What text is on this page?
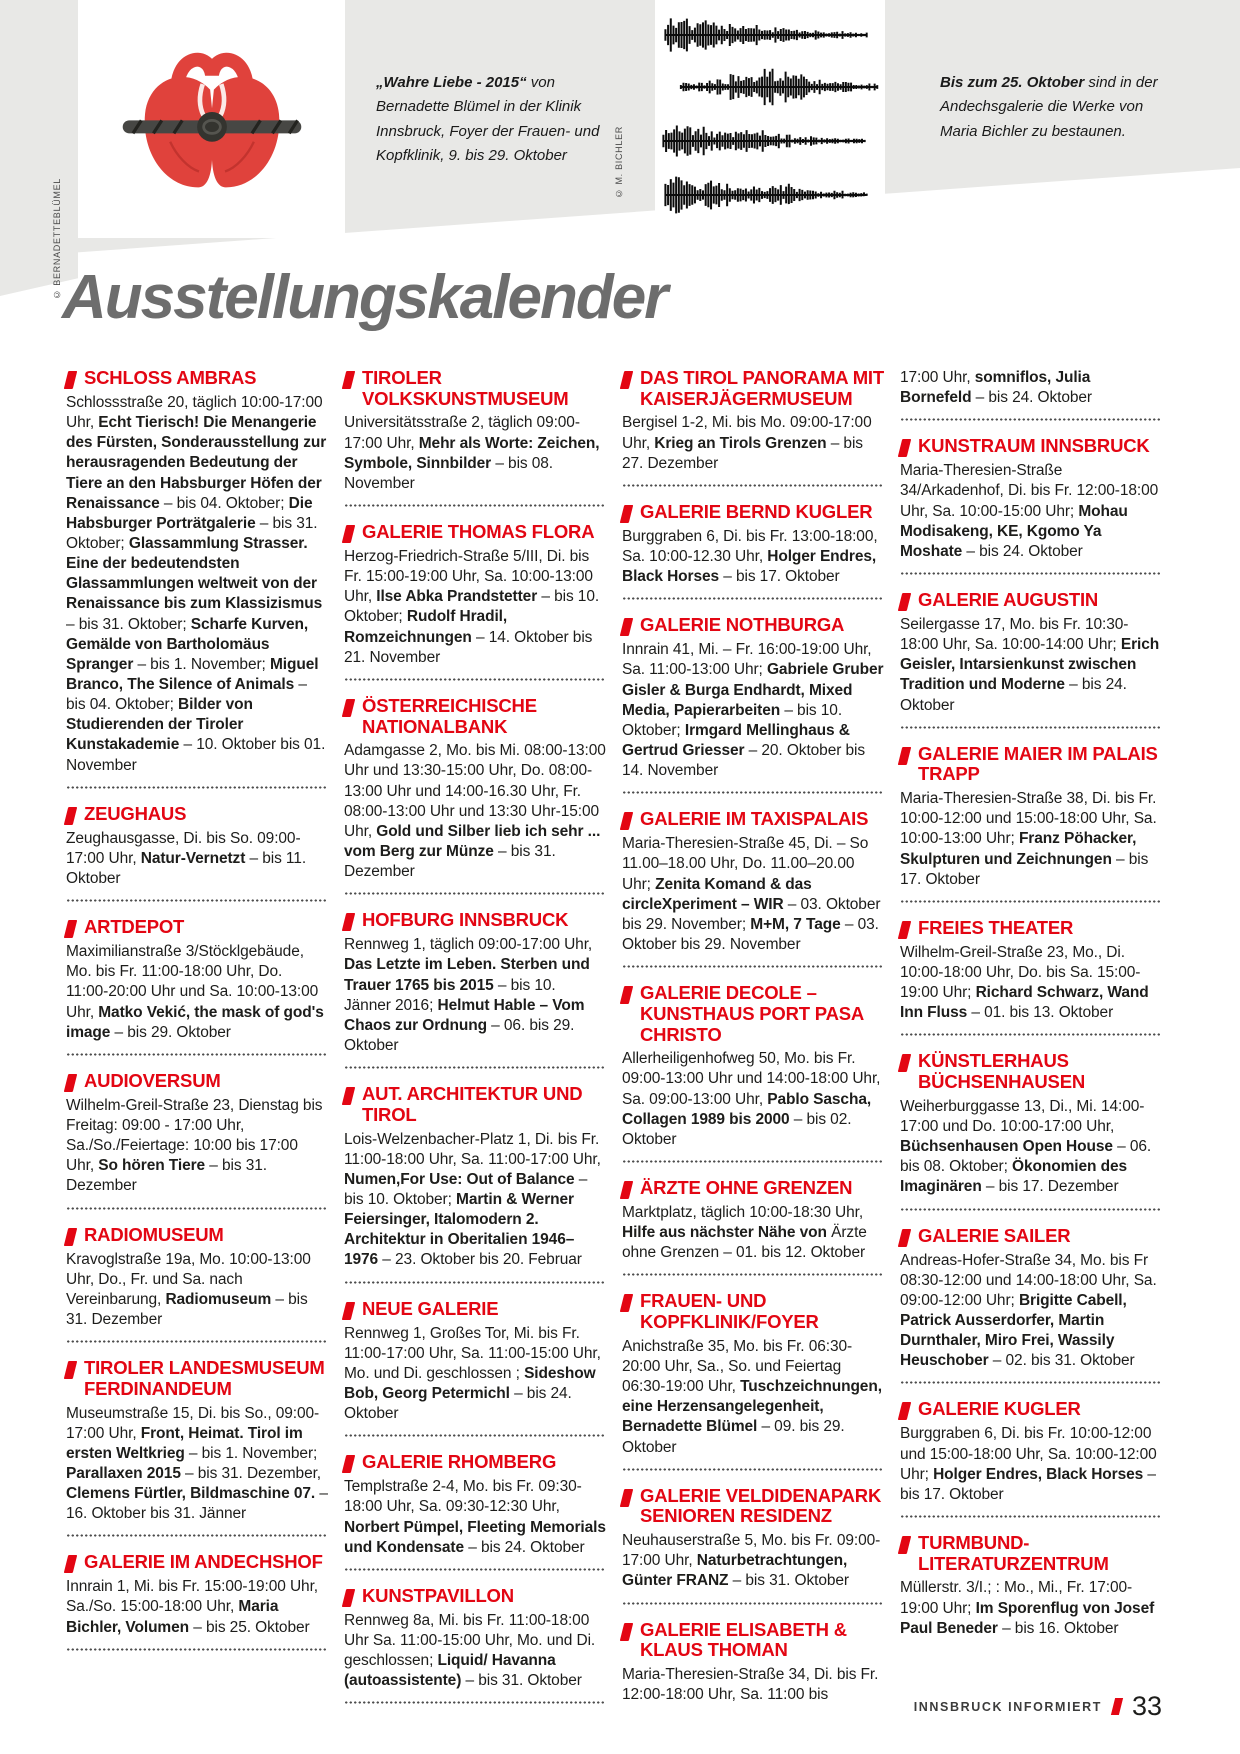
„Wahre Liebe - 2015“ von Bernadette Blümel in der Klinik Innsbruck, Foyer der Frauen- und Kopfklinik, 9. bis 29. Oktober

Bis zum 25. Oktober sind in der Andechsgalerie die Werke von Maria Bichler zu bestaunen.

© BERNADETTEBLÜMEL
© M. BICHLER
Ausstellungskalender
SCHLOSS AMBRAS

Schlossstraße 20, täglich 10:00-17:00 Uhr, Echt Tierisch! Die Menangerie des Fürsten, Sonderausstellung zur herausragenden Bedeutung der Tiere an den Habsburger Höfen der Renaissance – bis 04. Oktober; Die Habsburger Porträtgalerie – bis 31. Oktober; Glassammlung Strasser. Eine der bedeutendsten Glassammlungen weltweit von der Renaissance bis zum Klassizismus – bis 31. Oktober; Scharfe Kurven, Gemälde von Bartholomäus Spranger – bis 1. November; Miguel Branco, The Silence of Animals – bis 04. Oktober; Bilder von Studierenden der Tiroler Kunstakademie – 10. Oktober bis 01. November

ZEUGHAUS

Zeughausgasse, Di. bis So. 09:00-17:00 Uhr, Natur-Vernetzt – bis 11. Oktober

ARTDEPOT

Maximilianstraße 3/Stöcklgebäude, Mo. bis Fr. 11:00-18:00 Uhr, Do. 11:00-20:00 Uhr und Sa. 10:00-13:00 Uhr, Matko Vekić, the mask of god's image – bis 29. Oktober

AUDIOVERSUM

Wilhelm-Greil-Straße 23, Dienstag bis Freitag: 09:00 - 17:00 Uhr, Sa./So./Feiertage: 10:00 bis 17:00 Uhr, So hören Tiere – bis 31. Dezember

RADIOMUSEUM

Kravoglstraße 19a, Mo. 10:00-13:00 Uhr, Do., Fr. und Sa. nach Vereinbarung, Radiomuseum – bis 31. Dezember

TIROLER LANDESMUSEUM FERDINANDEUM

Museumstraße 15, Di. bis So., 09:00-17:00 Uhr, Front, Heimat. Tirol im ersten Weltkrieg – bis 1. November; Parallaxen 2015 – bis 31. Dezember, Clemens Fürtler, Bildmaschine 07. – 16. Oktober bis 31. Jänner

GALERIE IM ANDECHSHOF

Innrain 1, Mi. bis Fr. 15:00-19:00 Uhr, Sa./So. 15:00-18:00 Uhr, Maria Bichler, Volumen – bis 25. Oktober

TIROLER VOLKSKUNSTMUSEUM

Universitätsstraße 2, täglich 09:00-17:00 Uhr, Mehr als Worte: Zeichen, Symbole, Sinnbilder – bis 08. November

GALERIE THOMAS FLORA

Herzog-Friedrich-Straße 5/III, Di. bis Fr. 15:00-19:00 Uhr, Sa. 10:00-13:00 Uhr, Ilse Abka Prandstetter – bis 10. Oktober; Rudolf Hradil, Romzeichnungen – 14. Oktober bis 21. November

ÖSTERREICHISCHE NATIONALBANK

Adamgasse 2, Mo. bis Mi. 08:00-13:00 Uhr und 13:30-15:00 Uhr, Do. 08:00-13:00 Uhr und 14:00-16.30 Uhr, Fr. 08:00-13:00 Uhr und 13:30 Uhr-15:00 Uhr, Gold und Silber lieb ich sehr ... vom Berg zur Münze – bis 31. Dezember

HOFBURG INNSBRUCK

Rennweg 1, täglich 09:00-17:00 Uhr, Das Letzte im Leben. Sterben und Trauer 1765 bis 2015 – bis 10. Jänner 2016; Helmut Hable – Vom Chaos zur Ordnung – 06. bis 29. Oktober

AUT. ARCHITEKTUR UND TIROL

Lois-Welzenbacher-Platz 1, Di. bis Fr. 11:00-18:00 Uhr, Sa. 11:00-17:00 Uhr, Numen,For Use: Out of Balance – bis 10. Oktober; Martin & Werner Feiersinger, Italomodern 2. Architektur in Oberitalien 1946–1976 – 23. Oktober bis 20. Februar

NEUE GALERIE

Rennweg 1, Großes Tor, Mi. bis Fr. 11:00-17:00 Uhr, Sa. 11:00-15:00 Uhr, Mo. und Di. geschlossen ; Sideshow Bob, Georg Petermichl – bis 24. Oktober

GALERIE RHOMBERG

Templstraße 2-4, Mo. bis Fr. 09:30-18:00 Uhr, Sa. 09:30-12:30 Uhr, Norbert Pümpel, Fleeting Memorials und Kondensate – bis 24. Oktober

KUNSTPAVILLON

Rennweg 8a, Mi. bis Fr. 11:00-18:00 Uhr Sa. 11:00-15:00 Uhr, Mo. und Di. geschlossen; Liquid/ Havanna (autoassistente) – bis 31. Oktober

DAS TIROL PANORAMA MIT KAISERJÄGERMUSEUM

Bergisel 1-2, Mi. bis Mo. 09:00-17:00 Uhr, Krieg an Tirols Grenzen – bis 27. Dezember

GALERIE BERND KUGLER

Burggraben 6, Di. bis Fr. 13:00-18:00, Sa. 10:00-12.30 Uhr, Holger Endres, Black Horses – bis 17. Oktober

GALERIE NOTHBURGA

Innrain 41, Mi. – Fr. 16:00-19:00 Uhr, Sa. 11:00-13:00 Uhr; Gabriele Gruber Gisler & Burga Endhardt, Mixed Media, Papierarbeiten – bis 10. Oktober; Irmgard Mellinghaus & Gertrud Griesser – 20. Oktober bis 14. November

GALERIE IM TAXISPALAIS

Maria-Theresien-Straße 45, Di. – So 11.00–18.00 Uhr, Do. 11.00–20.00 Uhr; Zenita Komand & das circleXperiment – WIR – 03. Oktober bis 29. November; M+M, 7 Tage – 03. Oktober bis 29. November

GALERIE DECOLE – KUNSTHAUS PORT PASA CHRISTO

Allerheiligenhofweg 50, Mo. bis Fr. 09:00-13:00 Uhr und 14:00-18:00 Uhr, Sa. 09:00-13:00 Uhr, Pablo Sascha, Collagen 1989 bis 2000 – bis 02. Oktober

ÄRZTE OHNE GRENZEN

Marktplatz, täglich 10:00-18:30 Uhr, Hilfe aus nächster Nähe von Ärzte ohne Grenzen – 01. bis 12. Oktober

FRAUEN- UND KOPFKLINIK/FOYER

Anichstraße 35, Mo. bis Fr. 06:30-20:00 Uhr, Sa., So. und Feiertag 06:30-19:00 Uhr, Tuschzeichnungen, eine Herzensangelegenheit, Bernadette Blümel – 09. bis 29. Oktober

GALERIE VELDIDENAPARK SENIOREN RESIDENZ

Neuhauserstraße 5, Mo. bis Fr. 09:00-17:00 Uhr, Naturbetrachtungen, Günter FRANZ – bis 31. Oktober

GALERIE ELISABETH & KLAUS THOMAN

Maria-Theresien-Straße 34, Di. bis Fr. 12:00-18:00 Uhr, Sa. 11:00 bis

17:00 Uhr, somniflos, Julia Bornefeld – bis 24. Oktober

KUNSTRAUM INNSBRUCK

Maria-Theresien-Straße 34/Arkadenhof, Di. bis Fr. 12:00-18:00 Uhr, Sa. 10:00-15:00 Uhr; Mohau Modisakeng, KE, Kgomo Ya Moshate – bis 24. Oktober

GALERIE AUGUSTIN

Seilergasse 17, Mo. bis Fr. 10:30-18:00 Uhr, Sa. 10:00-14:00 Uhr; Erich Geisler, Intarsienkunst zwischen Tradition und Moderne – bis 24. Oktober

GALERIE MAIER IM PALAIS TRAPP

Maria-Theresien-Straße 38, Di. bis Fr. 10:00-12:00 und 15:00-18:00 Uhr, Sa. 10:00-13:00 Uhr; Franz Pöhacker, Skulpturen und Zeichnungen – bis 17. Oktober

FREIES THEATER

Wilhelm-Greil-Straße 23, Mo., Di. 10:00-18:00 Uhr, Do. bis Sa. 15:00-19:00 Uhr; Richard Schwarz, Wand Inn Fluss – 01. bis 13. Oktober

KÜNSTLERHAUS BÜCHSENHAUSEN

Weiherburggasse 13, Di., Mi. 14:00-17:00 und Do. 10:00-17:00 Uhr, Büchsenhausen Open House – 06. bis 08. Oktober; Ökonomien des Imaginären – bis 17. Dezember

GALERIE SAILER

Andreas-Hofer-Straße 34, Mo. bis Fr 08:30-12:00 und 14:00-18:00 Uhr, Sa. 09:00-12:00 Uhr; Brigitte Cabell, Patrick Ausserdorfer, Martin Durnthaler, Miro Frei, Wassily Heuschober – 02. bis 31. Oktober

GALERIE KUGLER

Burggraben 6, Di. bis Fr. 10:00-12:00 und 15:00-18:00 Uhr, Sa. 10:00-12:00 Uhr; Holger Endres, Black Horses – bis 17. Oktober

TURMBUND-LITERATURZENTRUM

Müllerstr. 3/I.; : Mo., Mi., Fr. 17:00-19:00 Uhr; Im Sporenflug von Josef Paul Beneder – bis 16. Oktober

INNSBRUCK INFORMIERT 33
